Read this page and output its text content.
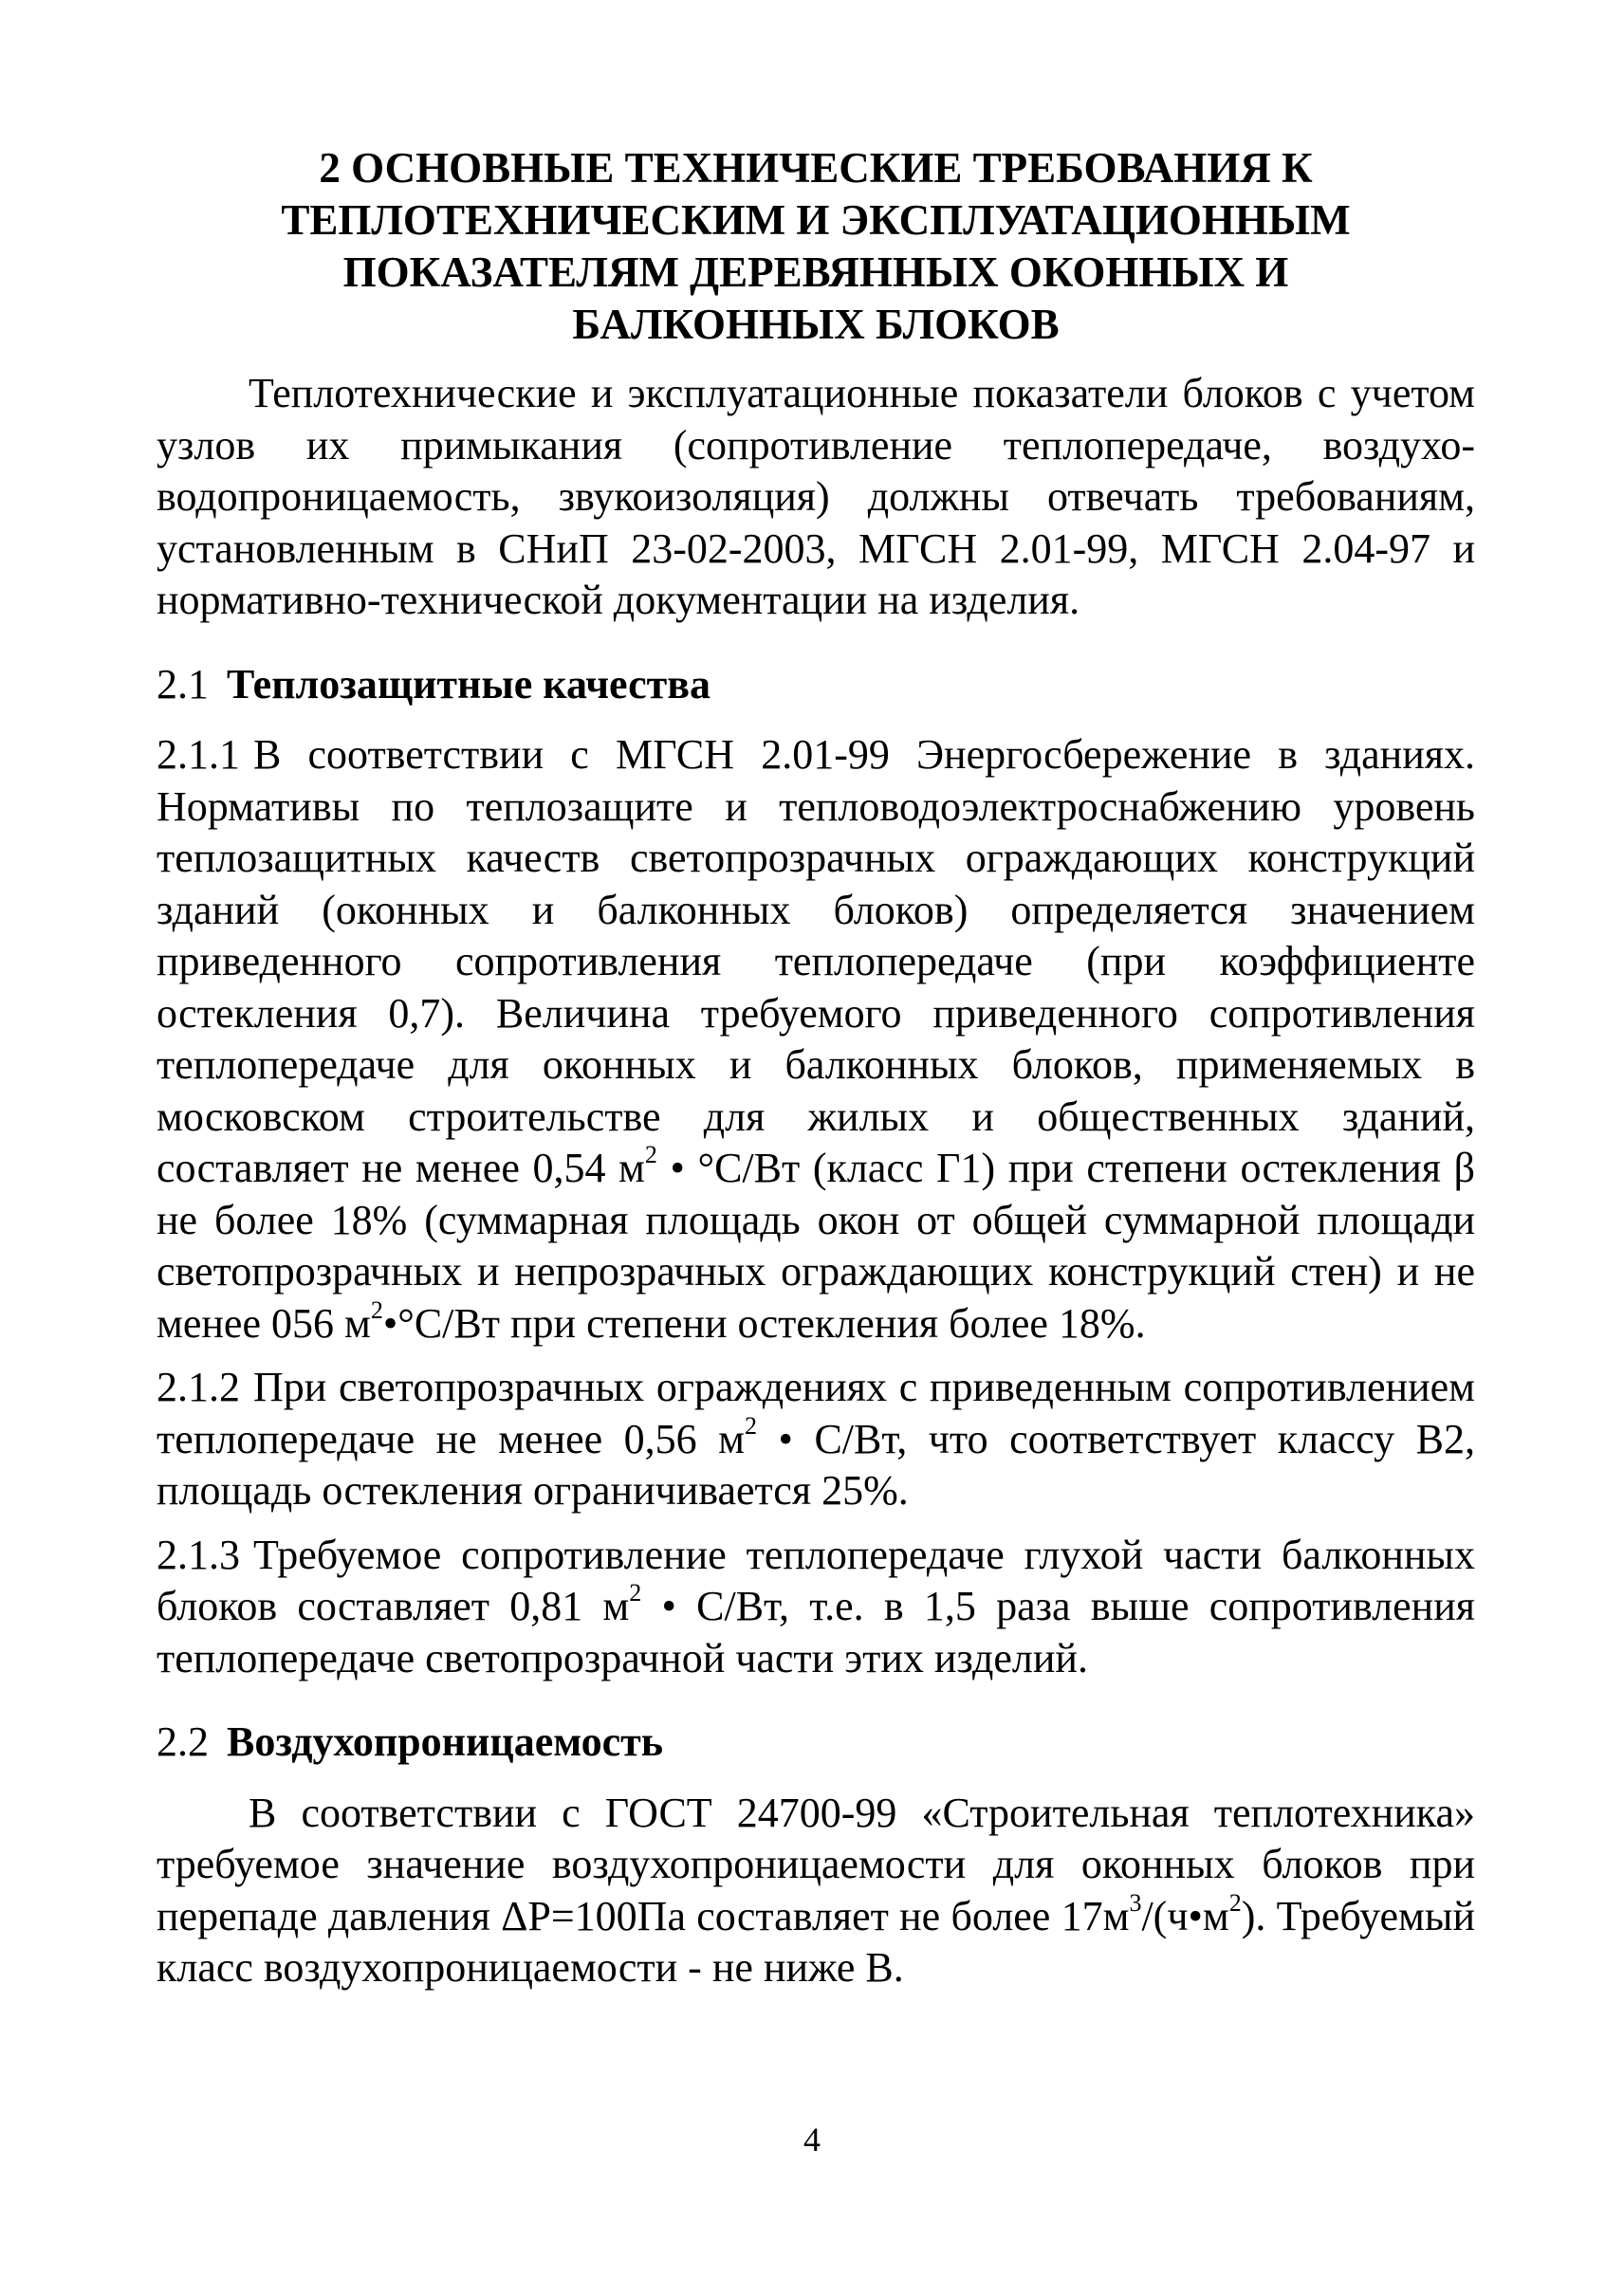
2 ОСНОВНЫЕ ТЕХНИЧЕСКИЕ ТРЕБОВАНИЯ К
ТЕПЛОТЕХНИЧЕСКИМ И ЭКСПЛУАТАЦИОННЫМ
ПОКАЗАТЕЛЯМ ДЕРЕВЯННЫХ ОКОННЫХ И
БАЛКОННЫХ БЛОКОВ

Теплотехнические и эксплуатационные показатели блоков с учетом узлов их примыкания (сопротивление теплопередаче, воздухо-водопроницаемость, звукоизоляция) должны отвечать требованиям, установленным в СНиП 23-02-2003, МГСН 2.01-99, МГСН 2.04-97 и нормативно-технической документации на изделия.

2.1 Теплозащитные качества

2.1.1 В соответствии с МГСН 2.01-99 Энергосбережение в зданиях. Нормативы по теплозащите и тепловодоэлектроснабжению уровень теплозащитных качеств светопрозрачных ограждающих конструкций зданий (оконных и балконных блоков) определяется значением приведенного сопротивления теплопередаче (при коэффициенте остекления 0,7). Величина требуемого приведенного сопротивления теплопередаче для оконных и балконных блоков, применяемых в московском строительстве для жилых и общественных зданий, составляет не менее 0,54 $м^2$ • °С/Вт (класс Г1) при степени остекления β не более 18% (суммарная площадь окон от общей суммарной площади светопрозрачных и непрозрачных ограждающих конструкций стен) и не менее 056 $м^2•^\circ С/Вт$ при степени остекления более 18%.

2.1.2 При светопрозрачных ограждениях с приведенным сопротивлением теплопередаче не менее 0,56 $м^2$ • С/Вт, что соответствует классу В2, площадь остекления ограничивается 25%.

2.1.3 Требуемое сопротивление теплопередаче глухой части балконных блоков составляет 0,81 $м^2$ • С/Вт, т.е. в 1,5 раза выше сопротивления теплопередаче светопрозрачной части этих изделий.

2.2 Воздухопроницаемость

В соответствии с ГОСТ 24700-99 «Строительная теплотехника» требуемое значение воздухопроницаемости для оконных блоков при перепаде давления ΔР=100Па составляет не более $17м^3/(ч•м^2)$. Требуемый класс воздухопроницаемости - не ниже В.

4
